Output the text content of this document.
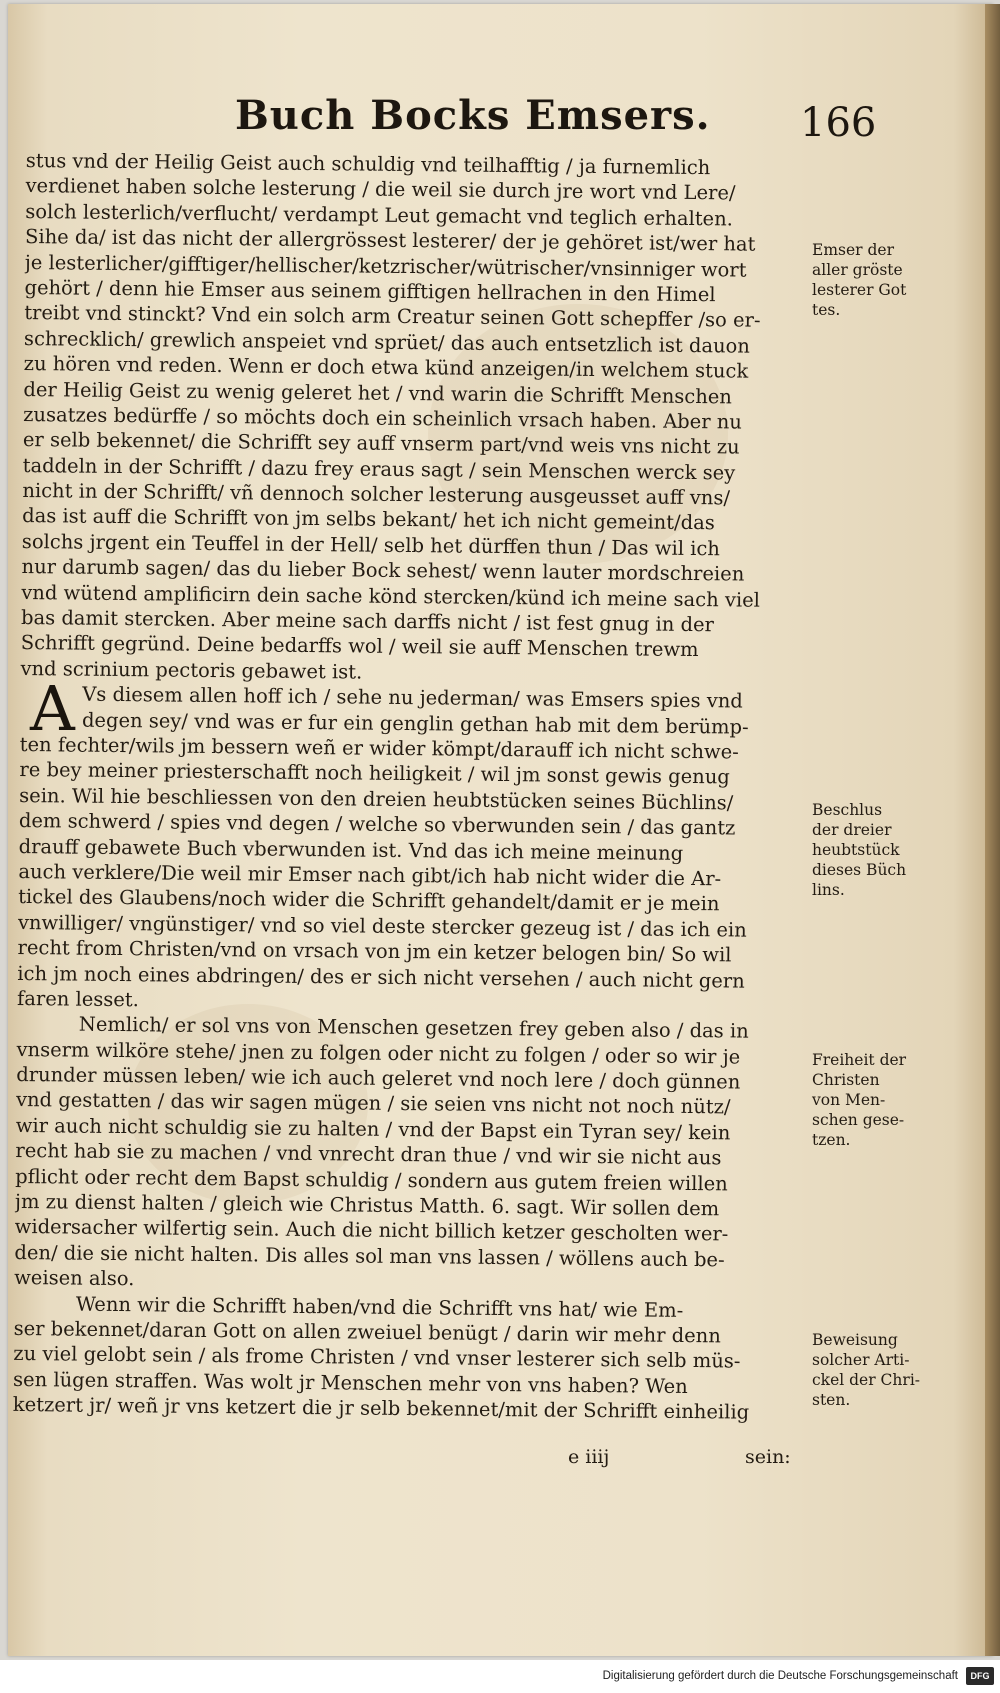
Buch Bocks Emsers. 166
A
stus vnd der Heilig Geist auch schuldig vnd teilhafftig / ja furnemlich
verdienet haben solche lesterung / die weil sie durch jre wort vnd Lere/
solch lesterlich/verflucht/ verdampt Leut gemacht vnd teglich erhalten.
Sihe da/ ist das nicht der allergrössest lesterer/ der je gehöret ist/wer hat
je lesterlicher/gifftiger/hellischer/ketzrischer/wütrischer/vnsinniger wort
gehört / denn hie Emser aus seinem gifftigen hellrachen in den Himel
treibt vnd stinckt? Vnd ein solch arm Creatur seinen Gott schepffer /so er-
schrecklich/ grewlich anspeiet vnd sprüet/ das auch entsetzlich ist dauon
zu hören vnd reden. Wenn er doch etwa künd anzeigen/in welchem stuck
der Heilig Geist zu wenig geleret het / vnd warin die Schrifft Menschen
zusatzes bedürffe / so möchts doch ein scheinlich vrsach haben. Aber nu
er selb bekennet/ die Schrifft sey auff vnserm part/vnd weis vns nicht zu
taddeln in der Schrifft / dazu frey eraus sagt / sein Menschen werck sey
nicht in der Schrifft/ vñ dennoch solcher lesterung ausgeusset auff vns/
das ist auff die Schrifft von jm selbs bekant/ het ich nicht gemeint/das
solchs jrgent ein Teuffel in der Hell/ selb het dürffen thun / Das wil ich
nur darumb sagen/ das du lieber Bock sehest/ wenn lauter mordschreien
vnd wütend amplificirn dein sache könd stercken/künd ich meine sach viel
bas damit stercken. Aber meine sach darffs nicht / ist fest gnug in der
Schrifft gegründ. Deine bedarffs wol / weil sie auff Menschen trewm
vnd scrinium pectoris gebawet ist.
Vs diesem allen hoff ich / sehe nu jederman/ was Emsers spies vnd
degen sey/ vnd was er fur ein genglin gethan hab mit dem berümp-
ten fechter/wils jm bessern weñ er wider kömpt/darauff ich nicht schwe-
re bey meiner priesterschafft noch heiligkeit / wil jm sonst gewis genug
sein. Wil hie beschliessen von den dreien heubtstücken seines Büchlins/
dem schwerd / spies vnd degen / welche so vberwunden sein / das gantz
drauff gebawete Buch vberwunden ist. Vnd das ich meine meinung
auch verklere/Die weil mir Emser nach gibt/ich hab nicht wider die Ar-
tickel des Glaubens/noch wider die Schrifft gehandelt/damit er je mein
vnwilliger/ vngünstiger/ vnd so viel deste stercker gezeug ist / das ich ein
recht from Christen/vnd on vrsach von jm ein ketzer belogen bin/ So wil
ich jm noch eines abdringen/ des er sich nicht versehen / auch nicht gern
faren lesset.
Nemlich/ er sol vns von Menschen gesetzen frey geben also / das in
vnserm wilköre stehe/ jnen zu folgen oder nicht zu folgen / oder so wir je
drunder müssen leben/ wie ich auch geleret vnd noch lere / doch günnen
vnd gestatten / das wir sagen mügen / sie seien vns nicht not noch nütz/
wir auch nicht schuldig sie zu halten / vnd der Bapst ein Tyran sey/ kein
recht hab sie zu machen / vnd vnrecht dran thue / vnd wir sie nicht aus
pflicht oder recht dem Bapst schuldig / sondern aus gutem freien willen
jm zu dienst halten / gleich wie Christus Matth. 6. sagt. Wir sollen dem
widersacher wilfertig sein. Auch die nicht billich ketzer gescholten wer-
den/ die sie nicht halten. Dis alles sol man vns lassen / wöllens auch be-
weisen also.
Wenn wir die Schrifft haben/vnd die Schrifft vns hat/ wie Em-
ser bekennet/daran Gott on allen zweiuel benügt / darin wir mehr denn
zu viel gelobt sein / als frome Christen / vnd vnser lesterer sich selb müs-
sen lügen straffen. Was wolt jr Menschen mehr von vns haben? Wen
ketzert jr/ weñ jr vns ketzert die jr selb bekennet/mit der Schrifft einheilig
Emser der
aller gröste
lesterer Got
tes.
Beschlus
der dreier
heubtstück
dieses Büch
lins.
Freiheit der
Christen
von Men-
schen gese-
tzen.
Beweisung
solcher Arti-
ckel der Chri-
sten.
e iiij	sein:
Digitalisierung gefördert durch die Deutsche Forschungsgemeinschaft	DFG
